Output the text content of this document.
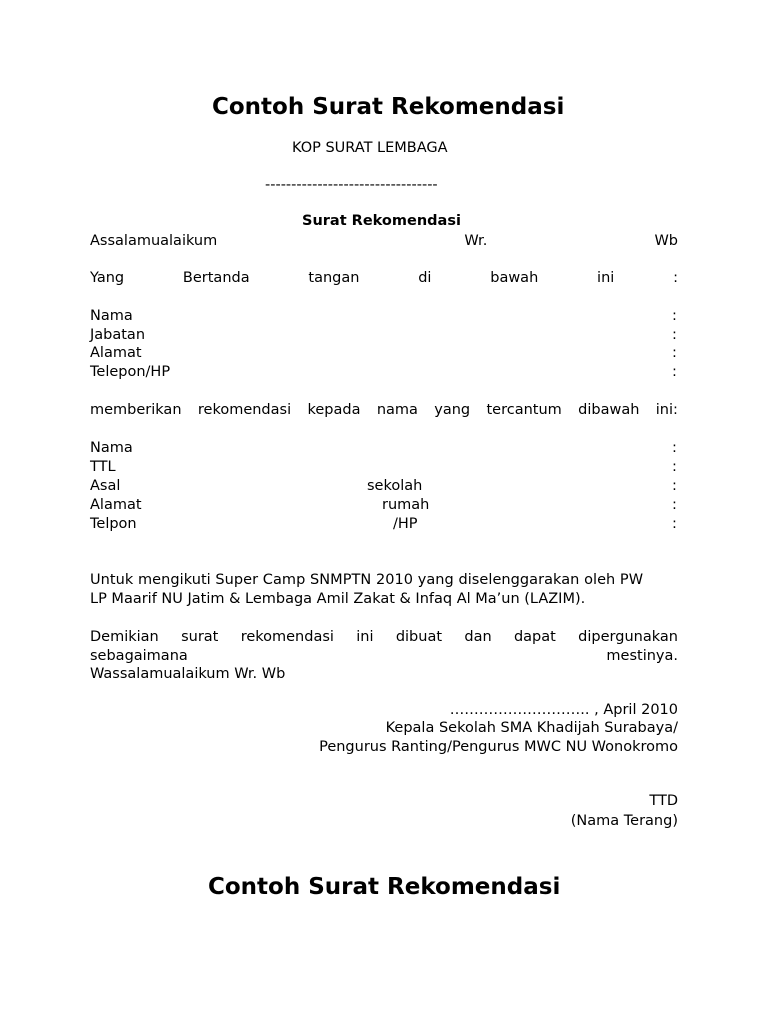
Contoh Surat Rekomendasi
KOP SURAT LEMBAGA
---------------------------------
Surat Rekomendasi
Assalamualaikum	Wr.	Wb
Yang	Bertanda	tangan	di	bawah	ini	:
Nama	:
Jabatan	:
Alamat	:
Telepon/HP	:
memberikan rekomendasi kepada nama yang tercantum dibawah ini:
Nama	:
TTL	:
Asal	sekolah	:
Alamat	rumah	:
Telpon	/HP	:
Untuk mengikuti Super Camp SNMPTN 2010 yang diselenggarakan oleh PW
LP Maarif NU Jatim & Lembaga Amil Zakat & Infaq Al Ma’un (LAZIM).
Demikian surat rekomendasi ini dibuat dan dapat dipergunakan
sebagaimana	mestinya.
Wassalamualaikum Wr. Wb
……………………….. , April 2010
Kepala Sekolah SMA Khadijah Surabaya/
Pengurus Ranting/Pengurus MWC NU Wonokromo
TTD
(Nama Terang)
Contoh Surat Rekomendasi
